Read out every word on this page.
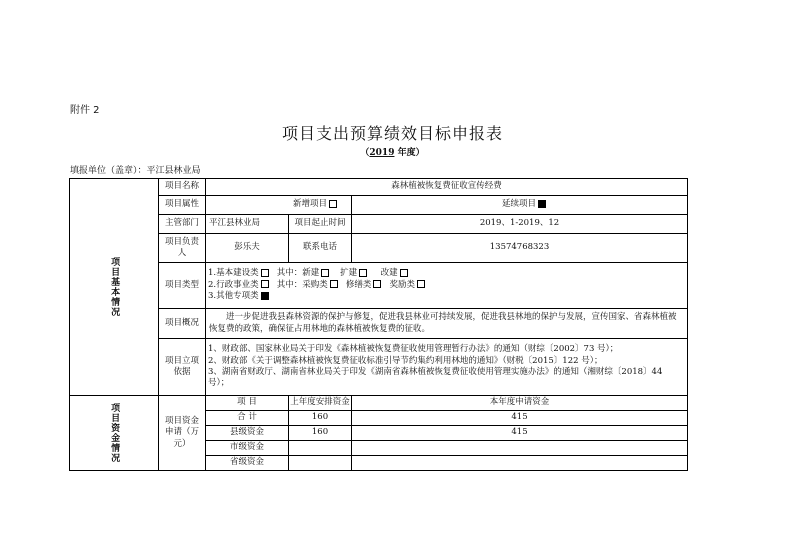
附件 2
项目支出预算绩效目标申报表
（2019 年度）
填报单位（盖章）：平江县林业局
项目基本情况	项目名称	森林植被恢复费征收宣传经费		
	项目属性	新增项目		延续项目
	主管部门	平江县林业局	项目起止时间	2019、1-2019、12
	项目负责人	彭乐夫	联系电话	13574768323
	项目类型	1.基本建设类 其中：新建 扩建 改建
2.行政事业类 其中：采购类 修缮类 奖励类
3.其他专项类		

	项目概况	进一步促进我县森林资源的保护与修复，促进我县林业可持续发展，促进我县林地的保护与发展，宣传国家、省森林植被恢复费的政策，确保征占用林地的森林植被恢复费的征收。		
	项目立项依据	1、财政部、国家林业局关于印发《森林植被恢复费征收使用管理暂行办法》的通知（财综〔2002〕73 号）；
2、财政部《关于调整森林植被恢复费征收标准引导节约集约利用林地的通知》（财税〔2015〕122 号）；
3、湖南省财政厅、湖南省林业局关于印发《湖南省森林植被恢复费征收使用管理实施办法》的通知（湘财综〔2018〕44 号）；		

项目资金情况	项目资金申请（万元）	项 目	上年度安排资金	本年度申请资金
		合 计	160	415
		县级资金	160	415
		市级资金		
		省级资金		
